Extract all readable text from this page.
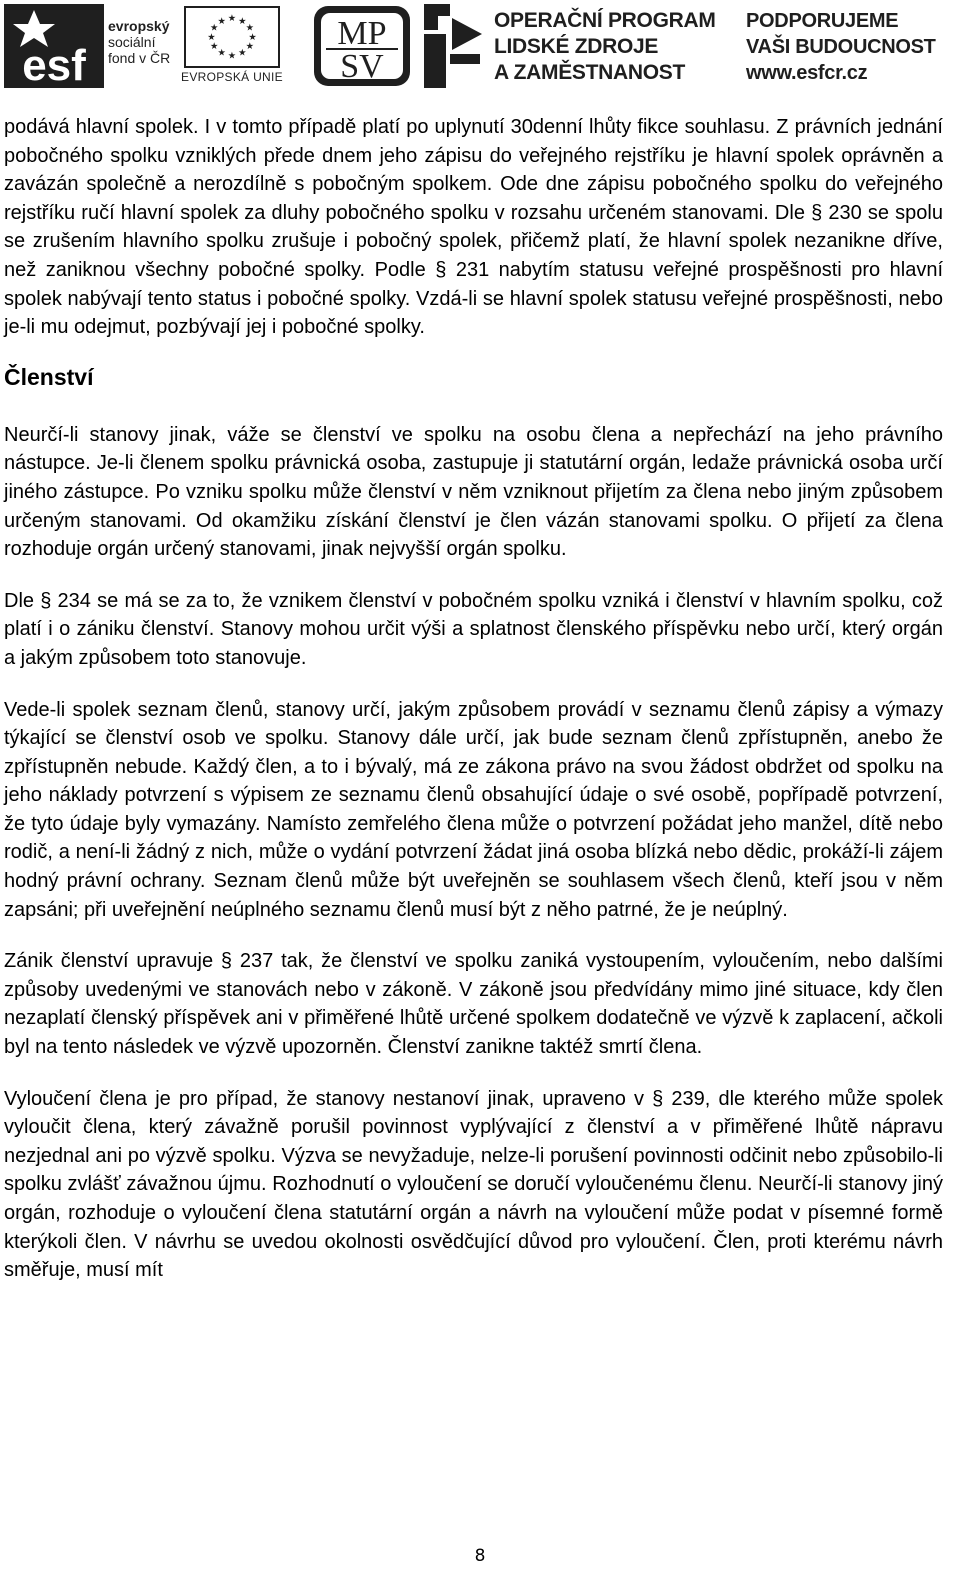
esf
evropský
sociální
fond v ČR
★ ★
★
★
★
★
★
★
★
★
★
★
EVROPSKÁ UNIE
MP
SV
OPERAČNÍ PROGRAM
LIDSKÉ ZDROJE
A ZAMĚSTNANOST
PODPORUJEME
VAŠI BUDOUCNOST
www.esfcr.cz

podává hlavní spolek. I v tomto případě platí po uplynutí 30denní lhůty fikce souhlasu. Z právních jednání pobočného spolku vzniklých přede dnem jeho zápisu do veřejného rejstříku je hlavní spolek oprávněn a zavázán společně a nerozdílně s pobočným spolkem. Ode dne zápisu pobočného spolku do veřejného rejstříku ručí hlavní spolek za dluhy pobočného spolku v rozsahu určeném stanovami. Dle § 230 se spolu se zrušením hlavního spolku zrušuje i pobočný spolek, přičemž platí, že hlavní spolek nezanikne dříve, než zaniknou všechny pobočné spolky. Podle § 231 nabytím statusu veřejné prospěšnosti pro hlavní spolek nabývají tento status i pobočné spolky. Vzdá-li se hlavní spolek statusu veřejné prospěšnosti, nebo je-li mu odejmut, pozbývají jej i pobočné spolky.

Členství

Neurčí-li stanovy jinak, váže se členství ve spolku na osobu člena a nepřechází na jeho právního nástupce. Je-li členem spolku právnická osoba, zastupuje ji statutární orgán, ledaže právnická osoba určí jiného zástupce. Po vzniku spolku může členství v něm vzniknout přijetím za člena nebo jiným způsobem určeným stanovami. Od okamžiku získání členství je člen vázán stanovami spolku. O přijetí za člena rozhoduje orgán určený stanovami, jinak nejvyšší orgán spolku.

Dle § 234 se má se za to, že vznikem členství v pobočném spolku vzniká i členství v hlavním spolku, což platí i o zániku členství. Stanovy mohou určit výši a splatnost členského příspěvku nebo určí, který orgán a jakým způsobem toto stanovuje.

Vede-li spolek seznam členů, stanovy určí, jakým způsobem provádí v seznamu členů zápisy a výmazy týkající se členství osob ve spolku. Stanovy dále určí, jak bude seznam členů zpřístupněn, anebo že zpřístupněn nebude. Každý člen, a to i bývalý, má ze zákona právo na svou žádost obdržet od spolku na jeho náklady potvrzení s výpisem ze seznamu členů obsahující údaje o své osobě, popřípadě potvrzení, že tyto údaje byly vymazány. Namísto zemřelého člena může o potvrzení požádat jeho manžel, dítě nebo rodič, a není-li žádný z nich, může o vydání potvrzení žádat jiná osoba blízká nebo dědic, prokáží-li zájem hodný právní ochrany. Seznam členů může být uveřejněn se souhlasem všech členů, kteří jsou v něm zapsáni; při uveřejnění neúplného seznamu členů musí být z něho patrné, že je neúplný.

Zánik členství upravuje § 237 tak, že členství ve spolku zaniká vystoupením, vyloučením, nebo dalšími způsoby uvedenými ve stanovách nebo v zákoně. V zákoně jsou předvídány mimo jiné situace, kdy člen nezaplatí členský příspěvek ani v přiměřené lhůtě určené spolkem dodatečně ve výzvě k zaplacení, ačkoli byl na tento následek ve výzvě upozorněn. Členství zanikne taktéž smrtí člena.

Vyloučení člena je pro případ, že stanovy nestanoví jinak, upraveno v § 239, dle kterého může spolek vyloučit člena, který závažně porušil povinnost vyplývající z členství a v přiměřené lhůtě nápravu nezjednal ani po výzvě spolku. Výzva se nevyžaduje, nelze-li porušení povinnosti odčinit nebo způsobilo-li spolku zvlášť závažnou újmu. Rozhodnutí o vyloučení se doručí vyloučenému členu. Neurčí-li stanovy jiný orgán, rozhoduje o vyloučení člena statutární orgán a návrh na vyloučení může podat v písemné formě kterýkoli člen. V návrhu se uvedou okolnosti osvědčující důvod pro vyloučení. Člen, proti kterému návrh směřuje, musí mít

8
